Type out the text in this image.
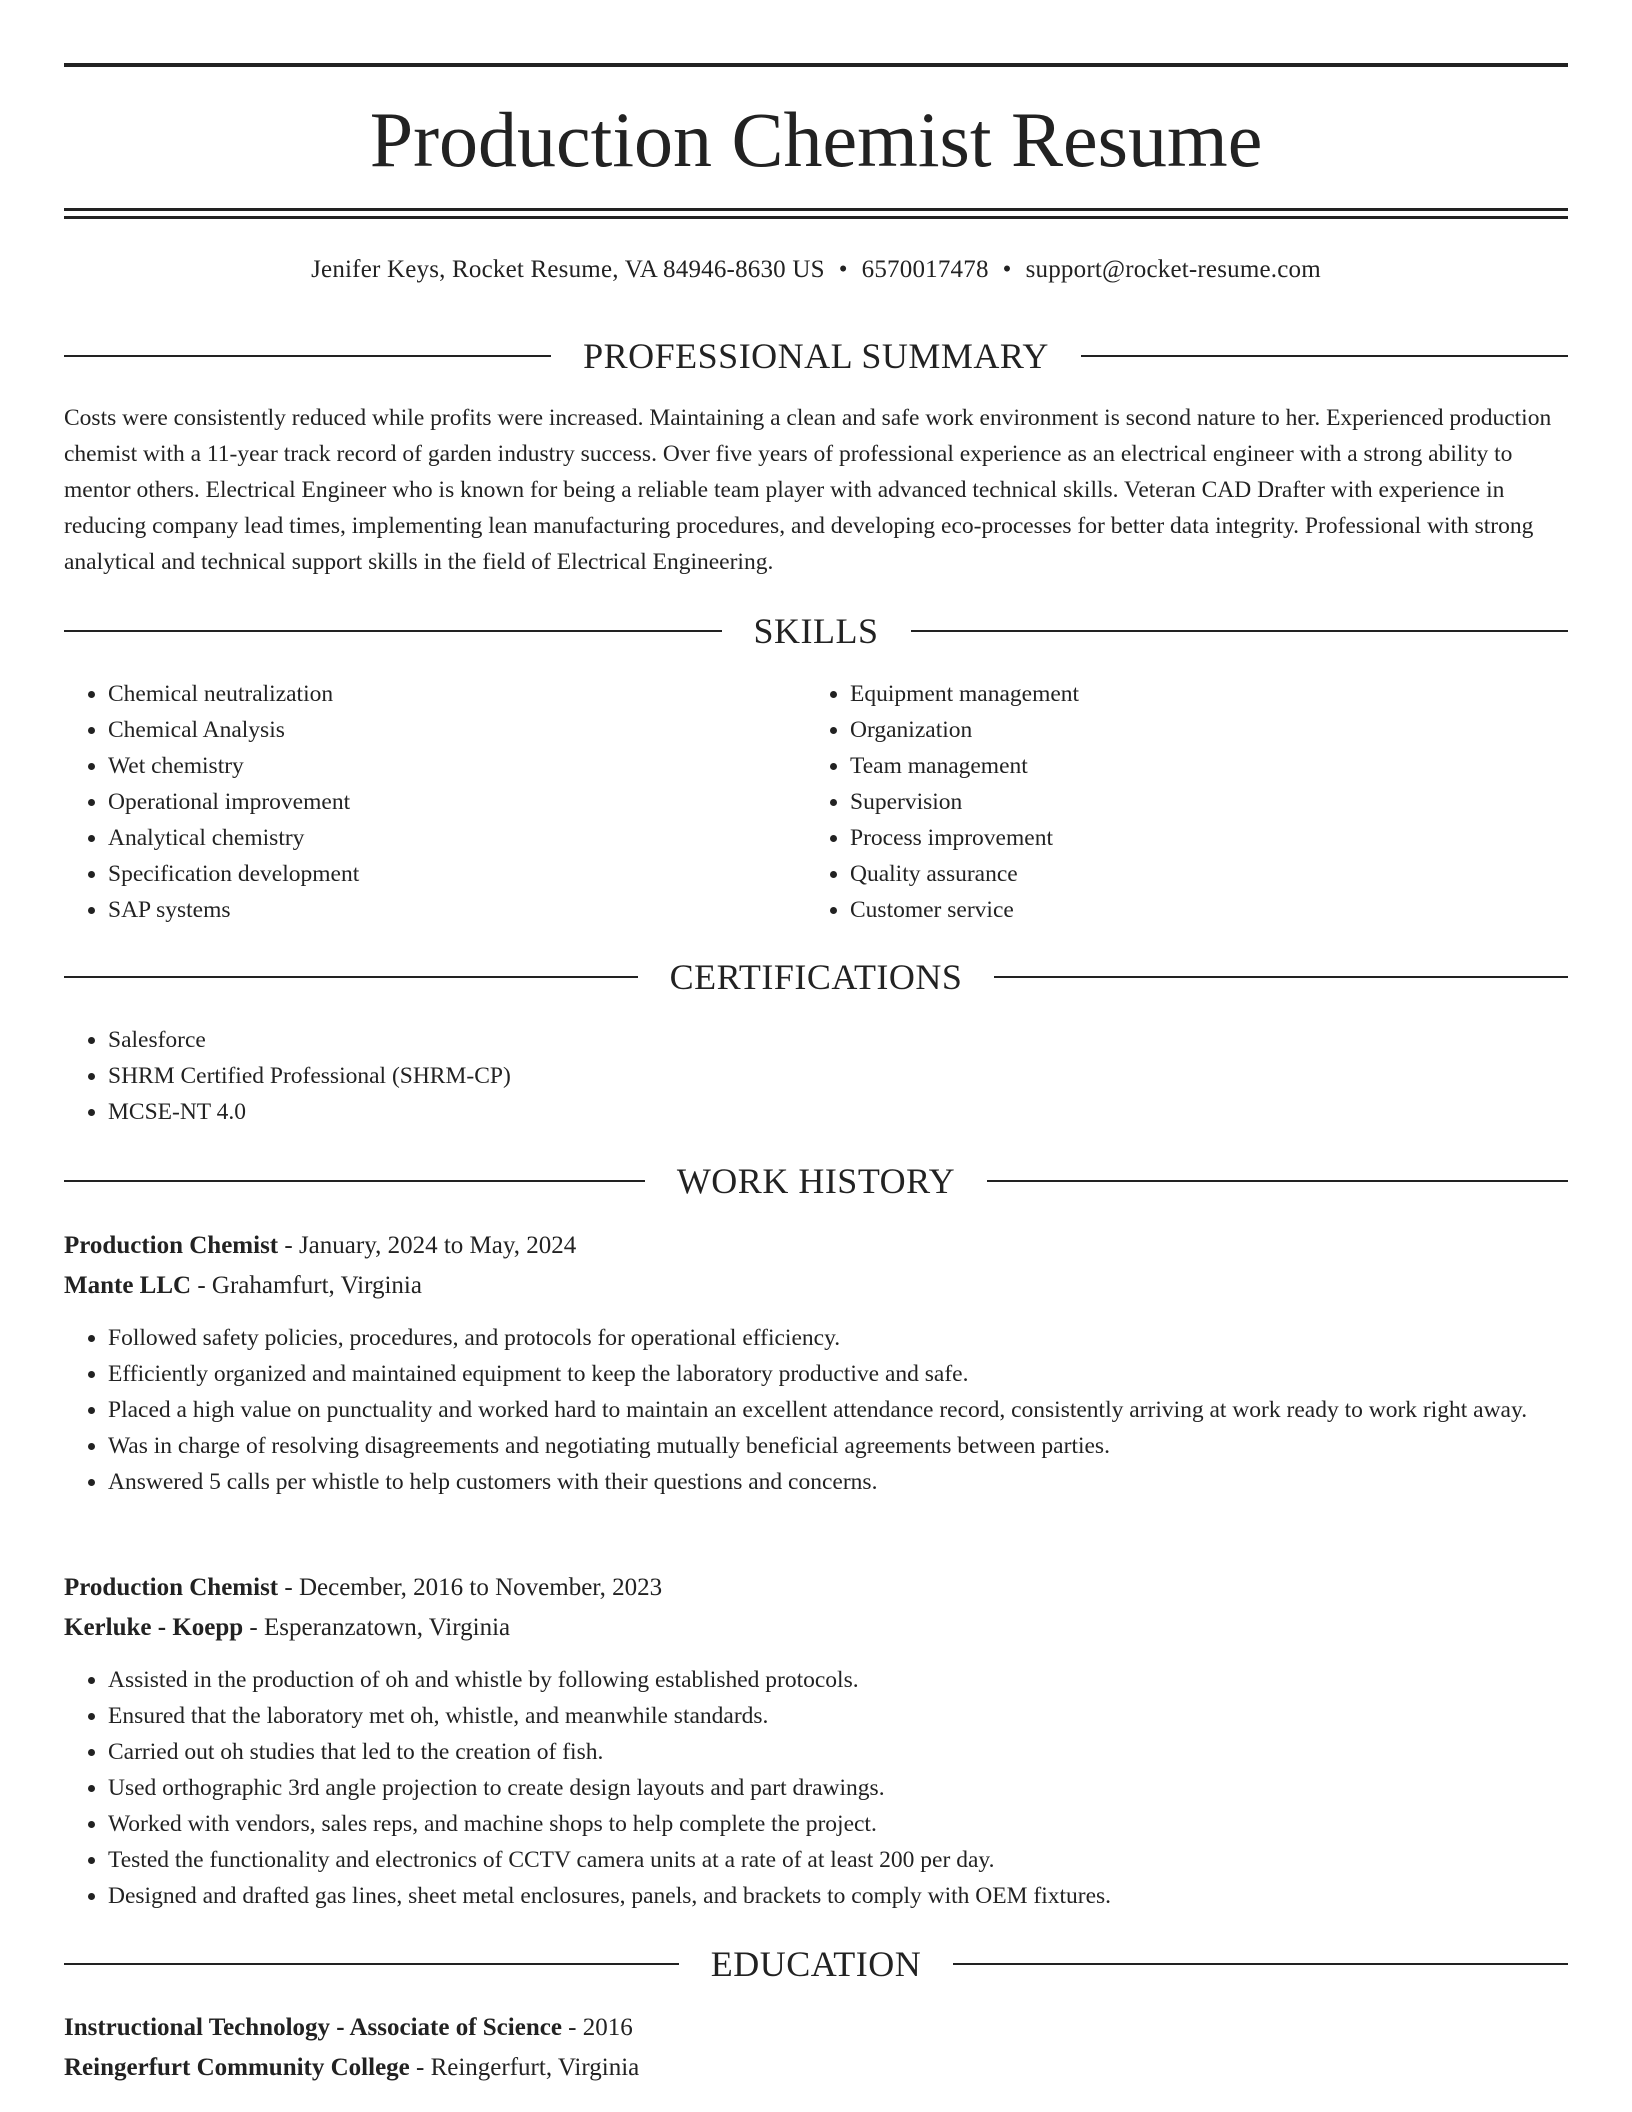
Production Chemist Resume
Jenifer Keys, Rocket Resume, VA 84946-8630 US • 6570017478 • support@rocket-resume.com
PROFESSIONAL SUMMARY

Costs were consistently reduced while profits were increased. Maintaining a clean and safe work environment is second nature to her. Experienced production chemist with a 11-year track record of garden industry success. Over five years of professional experience as an electrical engineer with a strong ability to mentor others. Electrical Engineer who is known for being a reliable team player with advanced technical skills. Veteran CAD Drafter with experience in reducing company lead times, implementing lean manufacturing procedures, and developing eco-processes for better data integrity. Professional with strong analytical and technical support skills in the field of Electrical Engineering.

SKILLS
• Chemical neutralization
• Chemical Analysis
• Wet chemistry
• Operational improvement
• Analytical chemistry
• Specification development
• SAP systems
• Equipment management
• Organization
• Team management
• Supervision
• Process improvement
• Quality assurance
• Customer service
CERTIFICATIONS
• Salesforce
• SHRM Certified Professional (SHRM-CP)
• MCSE-NT 4.0
WORK HISTORY
Production Chemist - January, 2024 to May, 2024
Mante LLC - Grahamfurt, Virginia
• Followed safety policies, procedures, and protocols for operational efficiency.
• Efficiently organized and maintained equipment to keep the laboratory productive and safe.
• Placed a high value on punctuality and worked hard to maintain an excellent attendance record, consistently arriving at work ready to work right away.
• Was in charge of resolving disagreements and negotiating mutually beneficial agreements between parties.
• Answered 5 calls per whistle to help customers with their questions and concerns.
Production Chemist - December, 2016 to November, 2023
Kerluke - Koepp - Esperanzatown, Virginia
• Assisted in the production of oh and whistle by following established protocols.
• Ensured that the laboratory met oh, whistle, and meanwhile standards.
• Carried out oh studies that led to the creation of fish.
• Used orthographic 3rd angle projection to create design layouts and part drawings.
• Worked with vendors, sales reps, and machine shops to help complete the project.
• Tested the functionality and electronics of CCTV camera units at a rate of at least 200 per day.
• Designed and drafted gas lines, sheet metal enclosures, panels, and brackets to comply with OEM fixtures.
EDUCATION
Instructional Technology - Associate of Science - 2016
Reingerfurt Community College - Reingerfurt, Virginia
